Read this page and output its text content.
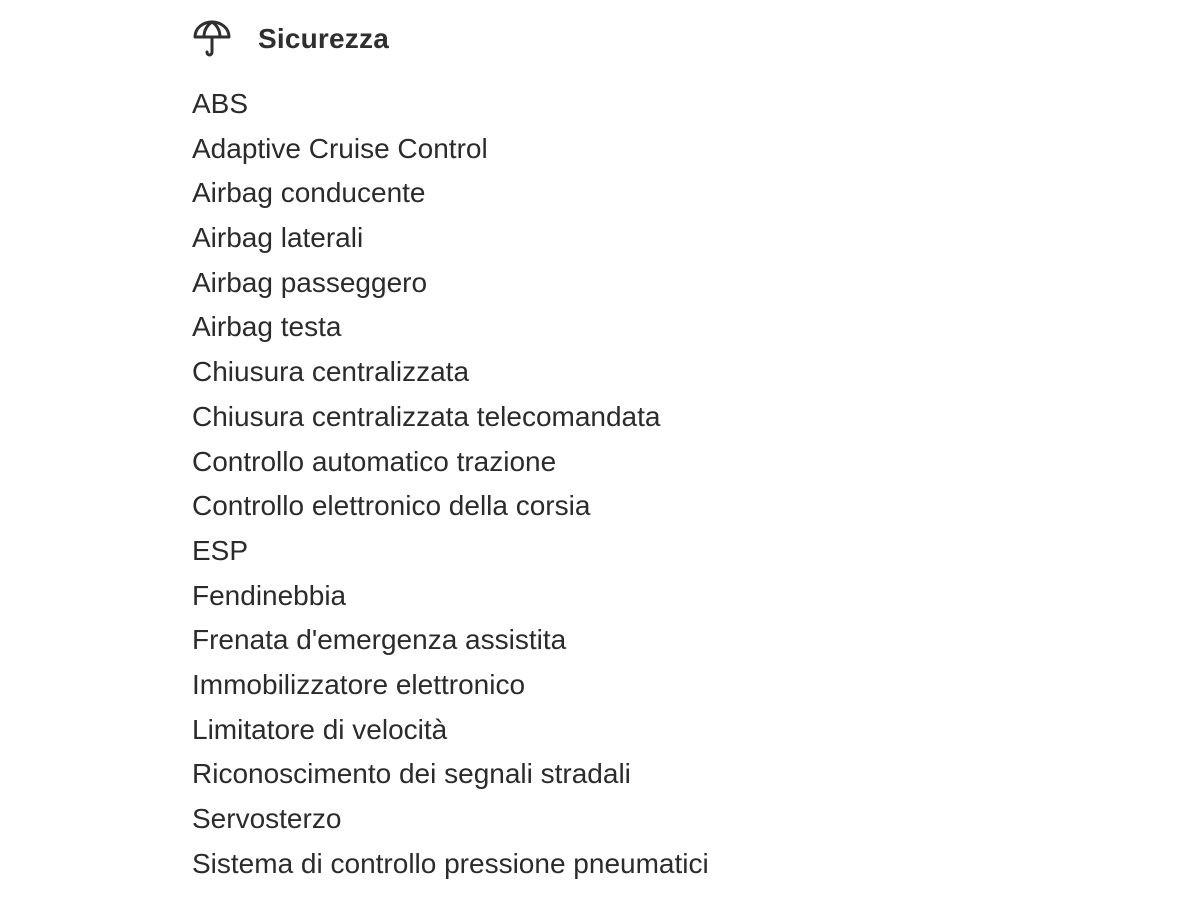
Sicurezza
ABS
Adaptive Cruise Control
Airbag conducente
Airbag laterali
Airbag passeggero
Airbag testa
Chiusura centralizzata
Chiusura centralizzata telecomandata
Controllo automatico trazione
Controllo elettronico della corsia
ESP
Fendinebbia
Frenata d'emergenza assistita
Immobilizzatore elettronico
Limitatore di velocità
Riconoscimento dei segnali stradali
Servosterzo
Sistema di controllo pressione pneumatici
